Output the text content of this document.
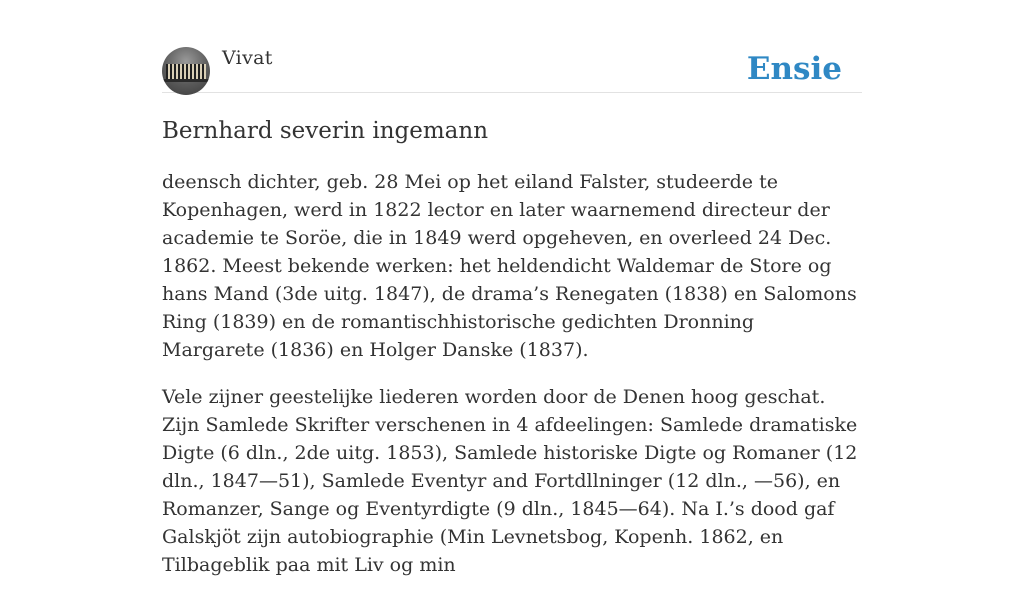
Vivat	Ensie
Bernhard severin ingemann

deensch dichter, geb. 28 Mei op het eiland Falster, studeerde te Kopenhagen, werd in 1822 lector en later waarnemend directeur der academie te Soröe, die in 1849 werd opgeheven, en overleed 24 Dec. 1862. Meest bekende werken: het heldendicht Waldemar de Store og hans Mand (3de uitg. 1847), de drama’s Renegaten (1838) en Salomons Ring (1839) en de romantischhistorische gedichten Dronning Margarete (1836) en Holger Danske (1837).

Vele zijner geestelijke liederen worden door de Denen hoog geschat. Zijn Samlede Skrifter verschenen in 4 afdeelingen: Samlede dramatiske Digte (6 dln., 2de uitg. 1853), Samlede historiske Digte og Romaner (12 dln., 1847—51), Samlede Eventyr and Fortdllninger (12 dln., —56), en Romanzer, Sange og Eventyrdigte (9 dln., 1845—64). Na I.’s dood gaf Galskjöt zijn autobiographie (Min Levnetsbog, Kopenh. 1862, en Tilbageblik paa mit Liv og min
